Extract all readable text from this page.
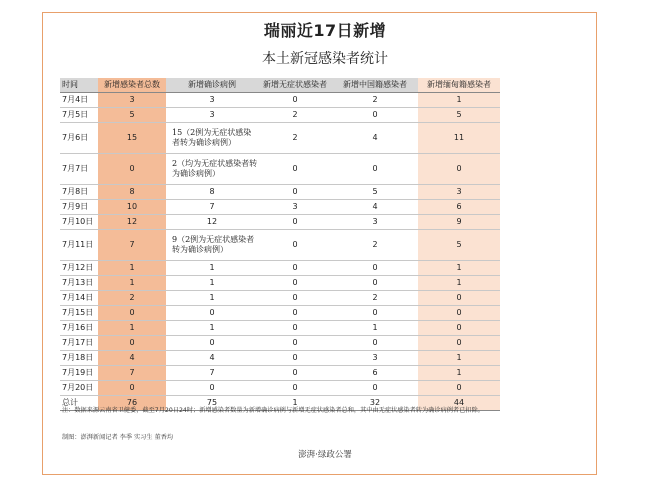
瑞丽近17日新增
本土新冠感染者统计
时间	新增感染者总数	新增确诊病例	新增无症状感染者	新增中国籍感染者	新增缅甸籍感染者
7月4日	3	3	0	2	1
7月5日	5	3	2	0	5
7月6日	15	15（2例为无症状感染者转为确诊病例）	2	4	11
7月7日	0	2（均为无症状感染者转为确诊病例）	0	0	0
7月8日	8	8	0	5	3
7月9日	10	7	3	4	6
7月10日	12	12	0	3	9
7月11日	7	9（2例为无症状感染者转为确诊病例）	0	2	5
7月12日	1	1	0	0	1
7月13日	1	1	0	0	1
7月14日	2	1	0	2	0
7月15日	0	0	0	0	0
7月16日	1	1	0	1	0
7月17日	0	0	0	0	0
7月18日	4	4	0	3	1
7月19日	7	7	0	6	1
7月20日	0	0	0	0	0
总计	76	75	1	32	44
注：数据来源云南省卫健委，截至7月20日24时；新增感染者数量为新增确诊病例与新增无症状感染者总和，其中由无症状感染者转为确诊病例者已扣除。
制图：澎湃新闻记者 李季 实习生 董香均
澎湃·绿政公署
